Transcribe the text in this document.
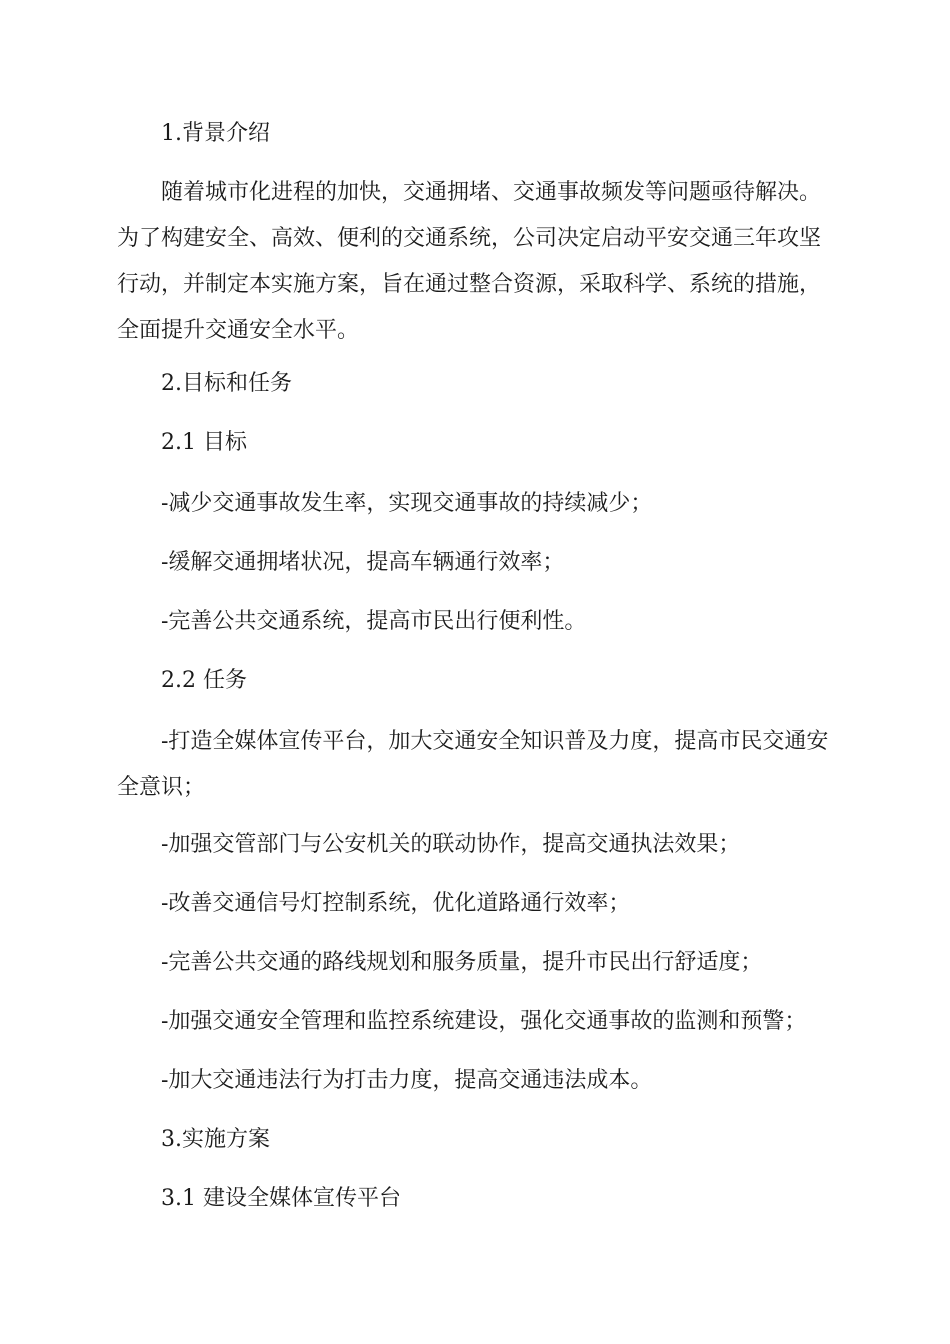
1.背景介绍

随着城市化进程的加快，交通拥堵、交通事故频发等问题亟待解决。为了构建安全、高效、便利的交通系统，公司决定启动平安交通三年攻坚行动，并制定本实施方案，旨在通过整合资源，采取科学、系统的措施，全面提升交通安全水平。

2.目标和任务

2.1 目标

-减少交通事故发生率，实现交通事故的持续减少；

-缓解交通拥堵状况，提高车辆通行效率；

-完善公共交通系统，提高市民出行便利性。

2.2 任务

-打造全媒体宣传平台，加大交通安全知识普及力度，提高市民交通安全意识；

-加强交管部门与公安机关的联动协作，提高交通执法效果；

-改善交通信号灯控制系统，优化道路通行效率；

-完善公共交通的路线规划和服务质量，提升市民出行舒适度；

-加强交通安全管理和监控系统建设，强化交通事故的监测和预警；

-加大交通违法行为打击力度，提高交通违法成本。

3.实施方案

3.1 建设全媒体宣传平台
